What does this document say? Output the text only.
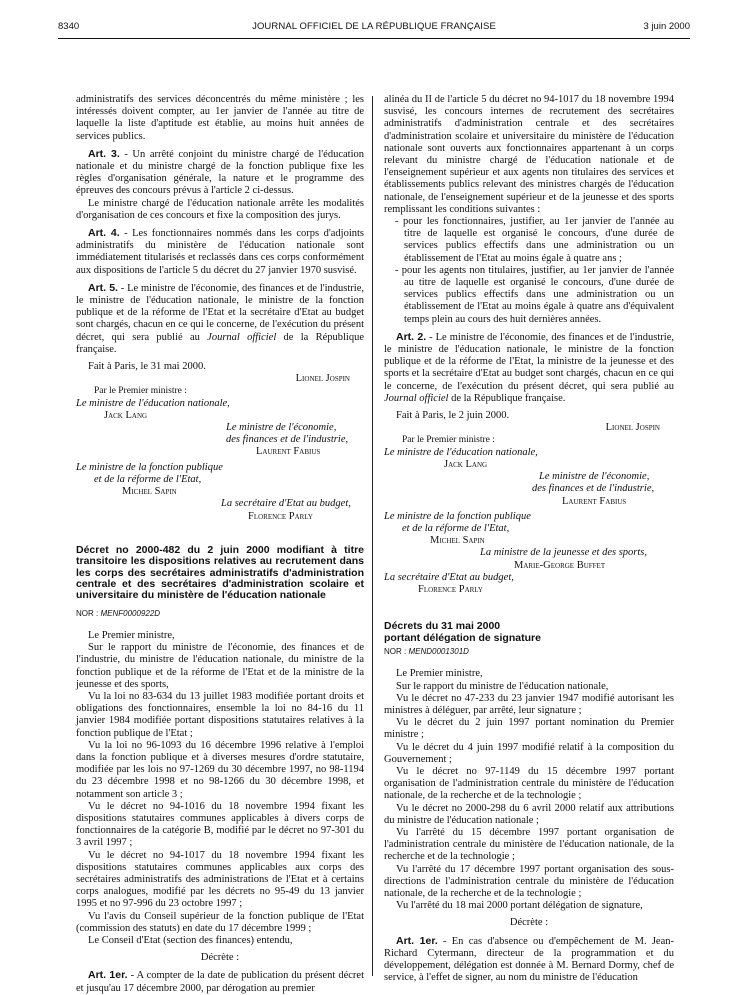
8340	JOURNAL OFFICIEL DE LA RÉPUBLIQUE FRANÇAISE	3 juin 2000

administratifs des services déconcentrés du même ministère ; les intéressés doivent compter, au 1er janvier de l'année au titre de laquelle la liste d'aptitude est établie, au moins huit années de services publics.

Art. 3. - Un arrêté conjoint du ministre chargé de l'éducation nationale et du ministre chargé de la fonction publique fixe les règles d'organisation générale, la nature et le programme des épreuves des concours prévus à l'article 2 ci-dessus.

Le ministre chargé de l'éducation nationale arrête les modalités d'organisation de ces concours et fixe la composition des jurys.

Art. 4. - Les fonctionnaires nommés dans les corps d'adjoints administratifs du ministère de l'éducation nationale sont immédiatement titularisés et reclassés dans ces corps conformément aux dispositions de l'article 5 du décret du 27 janvier 1970 susvisé.

Art. 5. - Le ministre de l'économie, des finances et de l'industrie, le ministre de l'éducation nationale, le ministre de la fonction publique et de la réforme de l'Etat et la secrétaire d'Etat au budget sont chargés, chacun en ce qui le concerne, de l'exécution du présent décret, qui sera publié au Journal officiel de la République française.

Fait à Paris, le 31 mai 2000.

Lionel Jospin

Par le Premier ministre :

Le ministre de l'éducation nationale,

Jack Lang

Le ministre de l'économie,

des finances et de l'industrie,

Laurent Fabius

Le ministre de la fonction publique

et de la réforme de l'Etat,

Michel Sapin

La secrétaire d'Etat au budget,

Florence Parly

Décret no 2000-482 du 2 juin 2000 modifiant à titre transitoire les dispositions relatives au recrutement dans les corps des secrétaires administratifs d'administration centrale et des secrétaires d'administration scolaire et universitaire du ministère de l'éducation nationale

NOR : MENF0000922D

Le Premier ministre,

Sur le rapport du ministre de l'économie, des finances et de l'industrie, du ministre de l'éducation nationale, du ministre de la fonction publique et de la réforme de l'Etat et de la ministre de la jeunesse et des sports,

Vu la loi no 83-634 du 13 juillet 1983 modifiée portant droits et obligations des fonctionnaires, ensemble la loi no 84-16 du 11 janvier 1984 modifiée portant dispositions statutaires relatives à la fonction publique de l'Etat ;

Vu la loi no 96-1093 du 16 décembre 1996 relative à l'emploi dans la fonction publique et à diverses mesures d'ordre statutaire, modifiée par les lois no 97-1269 du 30 décembre 1997, no 98-1194 du 23 décembre 1998 et no 98-1266 du 30 décembre 1998, et notamment son article 3 ;

Vu le décret no 94-1016 du 18 novembre 1994 fixant les dispositions statutaires communes applicables à divers corps de fonctionnaires de la catégorie B, modifié par le décret no 97-301 du 3 avril 1997 ;

Vu le décret no 94-1017 du 18 novembre 1994 fixant les dispositions statutaires communes applicables aux corps des secrétaires administratifs des administrations de l'Etat et à certains corps analogues, modifié par les décrets no 95-49 du 13 janvier 1995 et no 97-996 du 23 octobre 1997 ;

Vu l'avis du Conseil supérieur de la fonction publique de l'Etat (commission des statuts) en date du 17 décembre 1999 ;

Le Conseil d'Etat (section des finances) entendu,

Décrète :

Art. 1er. - A compter de la date de publication du présent décret et jusqu'au 17 décembre 2000, par dérogation au premier

alinéa du II de l'article 5 du décret no 94-1017 du 18 novembre 1994 susvisé, les concours internes de recrutement des secrétaires administratifs d'administration centrale et des secrétaires d'administration scolaire et universitaire du ministère de l'éducation nationale sont ouverts aux fonctionnaires appartenant à un corps relevant du ministre chargé de l'éducation nationale et de l'enseignement supérieur et aux agents non titulaires des services et établissements publics relevant des ministres chargés de l'éducation nationale, de l'enseignement supérieur et de la jeunesse et des sports remplissant les conditions suivantes :

- pour les fonctionnaires, justifier, au 1er janvier de l'année au titre de laquelle est organisé le concours, d'une durée de services publics effectifs dans une administration ou un établissement de l'Etat au moins égale à quatre ans ;

- pour les agents non titulaires, justifier, au 1er janvier de l'année au titre de laquelle est organisé le concours, d'une durée de services publics effectifs dans une administration ou un établissement de l'Etat au moins égale à quatre ans d'équivalent temps plein au cours des huit dernières années.

Art. 2. - Le ministre de l'économie, des finances et de l'industrie, le ministre de l'éducation nationale, le ministre de la fonction publique et de la réforme de l'Etat, la ministre de la jeunesse et des sports et la secrétaire d'Etat au budget sont chargés, chacun en ce qui le concerne, de l'exécution du présent décret, qui sera publié au Journal officiel de la République française.

Fait à Paris, le 2 juin 2000.

Lionel Jospin

Par le Premier ministre :

Le ministre de l'éducation nationale,

Jack Lang

Le ministre de l'économie,

des finances et de l'industrie,

Laurent Fabius

Le ministre de la fonction publique

et de la réforme de l'Etat,

Michel Sapin

La ministre de la jeunesse et des sports,

Marie-George Buffet

La secrétaire d'Etat au budget,

Florence Parly

Décrets du 31 mai 2000

portant délégation de signature

NOR : MEND0001301D

Le Premier ministre,

Sur le rapport du ministre de l'éducation nationale,

Vu le décret no 47-233 du 23 janvier 1947 modifié autorisant les ministres à déléguer, par arrêté, leur signature ;

Vu le décret du 2 juin 1997 portant nomination du Premier ministre ;

Vu le décret du 4 juin 1997 modifié relatif à la composition du Gouvernement ;

Vu le décret no 97-1149 du 15 décembre 1997 portant organisation de l'administration centrale du ministère de l'éducation nationale, de la recherche et de la technologie ;

Vu le décret no 2000-298 du 6 avril 2000 relatif aux attributions du ministre de l'éducation nationale ;

Vu l'arrêté du 15 décembre 1997 portant organisation de l'administration centrale du ministère de l'éducation nationale, de la recherche et de la technologie ;

Vu l'arrêté du 17 décembre 1997 portant organisation des sous-directions de l'administration centrale du ministère de l'éducation nationale, de la recherche et de la technologie ;

Vu l'arrêté du 18 mai 2000 portant délégation de signature,

Décrète :

Art. 1er. - En cas d'absence ou d'empêchement de M. Jean-Richard Cytermann, directeur de la programmation et du développement, délégation est donnée à M. Bernard Dormy, chef de service, à l'effet de signer, au nom du ministre de l'éducation
